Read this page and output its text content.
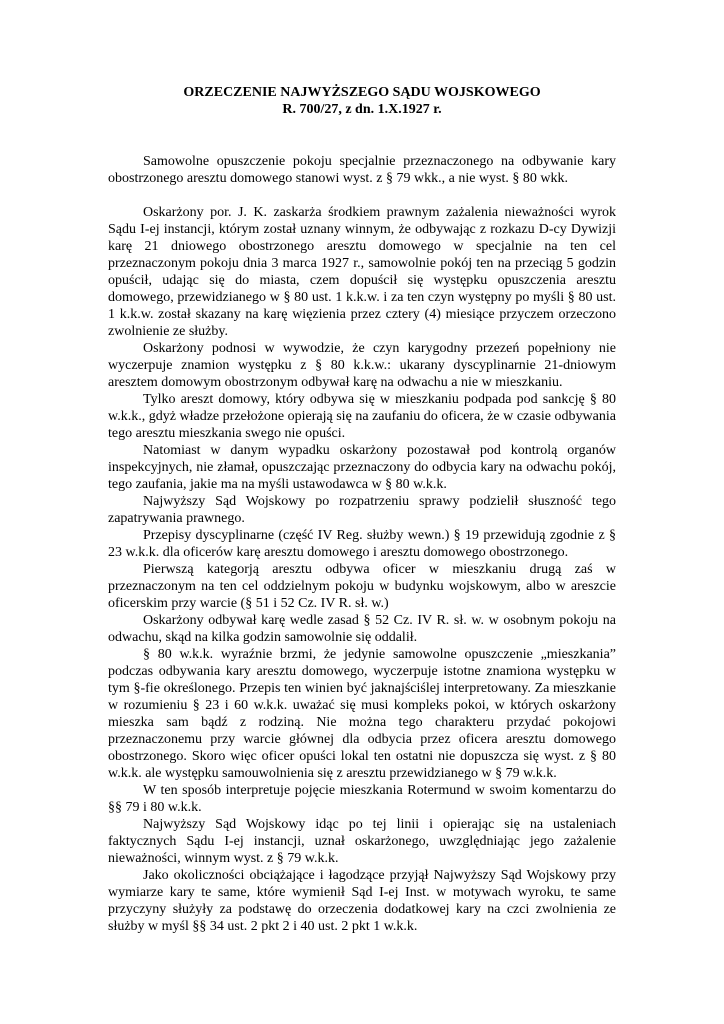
ORZECZENIE NAJWYŻSZEGO SĄDU WOJSKOWEGO
R. 700/27, z dn. 1.X.1927 r.

Samowolne opuszczenie pokoju specjalnie przeznaczonego na odbywanie kary obostrzonego aresztu domowego stanowi wyst. z § 79 wkk., a nie wyst. § 80 wkk.

Oskarżony por. J. K. zaskarża środkiem prawnym zażalenia nieważności wyrok Sądu I-ej instancji, którym został uznany winnym, że odbywając z rozkazu D-cy Dywizji karę 21 dniowego obostrzonego aresztu domowego w specjalnie na ten cel przeznaczonym pokoju dnia 3 marca 1927 r., samowolnie pokój ten na przeciąg 5 godzin opuścił, udając się do miasta, czem dopuścił się występku opuszczenia aresztu domowego, przewidzianego w § 80 ust. 1 k.k.w. i za ten czyn występny po myśli § 80 ust. 1 k.k.w. został skazany na karę więzienia przez cztery (4) miesiące przyczem orzeczono zwolnienie ze służby.

Oskarżony podnosi w wywodzie, że czyn karygodny przezeń popełniony nie wyczerpuje znamion występku z § 80 k.k.w.: ukarany dyscyplinarnie 21-dniowym aresztem domowym obostrzonym odbywał karę na odwachu a nie w mieszkaniu.

Tylko areszt domowy, który odbywa się w mieszkaniu podpada pod sankcję § 80 w.k.k., gdyż władze przełożone opierają się na zaufaniu do oficera, że w czasie odbywania tego aresztu mieszkania swego nie opuści.

Natomiast w danym wypadku oskarżony pozostawał pod kontrolą organów inspekcyjnych, nie złamał, opuszczając przeznaczony do odbycia kary na odwachu pokój, tego zaufania, jakie ma na myśli ustawodawca w § 80 w.k.k.

Najwyższy Sąd Wojskowy po rozpatrzeniu sprawy podzielił słuszność tego zapatrywania prawnego.

Przepisy dyscyplinarne (część IV Reg. służby wewn.) § 19 przewidują zgodnie z § 23 w.k.k. dla oficerów karę aresztu domowego i aresztu domowego obostrzonego.

Pierwszą kategorją aresztu odbywa oficer w mieszkaniu drugą zaś w przeznaczonym na ten cel oddzielnym pokoju w budynku wojskowym, albo w areszcie oficerskim przy warcie (§ 51 i 52 Cz. IV R. sł. w.)

Oskarżony odbywał karę wedle zasad § 52 Cz. IV R. sł. w. w osobnym pokoju na odwachu, skąd na kilka godzin samowolnie się oddalił.

§ 80 w.k.k. wyraźnie brzmi, że jedynie samowolne opuszczenie „mieszkania” podczas odbywania kary aresztu domowego, wyczerpuje istotne znamiona występku w tym §-fie określonego. Przepis ten winien być jaknajściślej interpretowany. Za mieszkanie w rozumieniu § 23 i 60 w.k.k. uważać się musi kompleks pokoi, w których oskarżony mieszka sam bądź z rodziną. Nie można tego charakteru przydać pokojowi przeznaczonemu przy warcie głównej dla odbycia przez oficera aresztu domowego obostrzonego. Skoro więc oficer opuści lokal ten ostatni nie dopuszcza się wyst. z § 80 w.k.k. ale występku samouwolnienia się z aresztu przewidzianego w § 79 w.k.k.

W ten sposób interpretuje pojęcie mieszkania Rotermund w swoim komentarzu do §§ 79 i 80 w.k.k.

Najwyższy Sąd Wojskowy idąc po tej linii i opierając się na ustaleniach faktycznych Sądu I-ej instancji, uznał oskarżonego, uwzględniając jego zażalenie nieważności, winnym wyst. z § 79 w.k.k.

Jako okoliczności obciążające i łagodzące przyjął Najwyższy Sąd Wojskowy przy wymiarze kary te same, które wymienił Sąd I-ej Inst. w motywach wyroku, te same przyczyny służyły za podstawę do orzeczenia dodatkowej kary na czci zwolnienia ze służby w myśl §§ 34 ust. 2 pkt 2 i 40 ust. 2 pkt 1 w.k.k.
